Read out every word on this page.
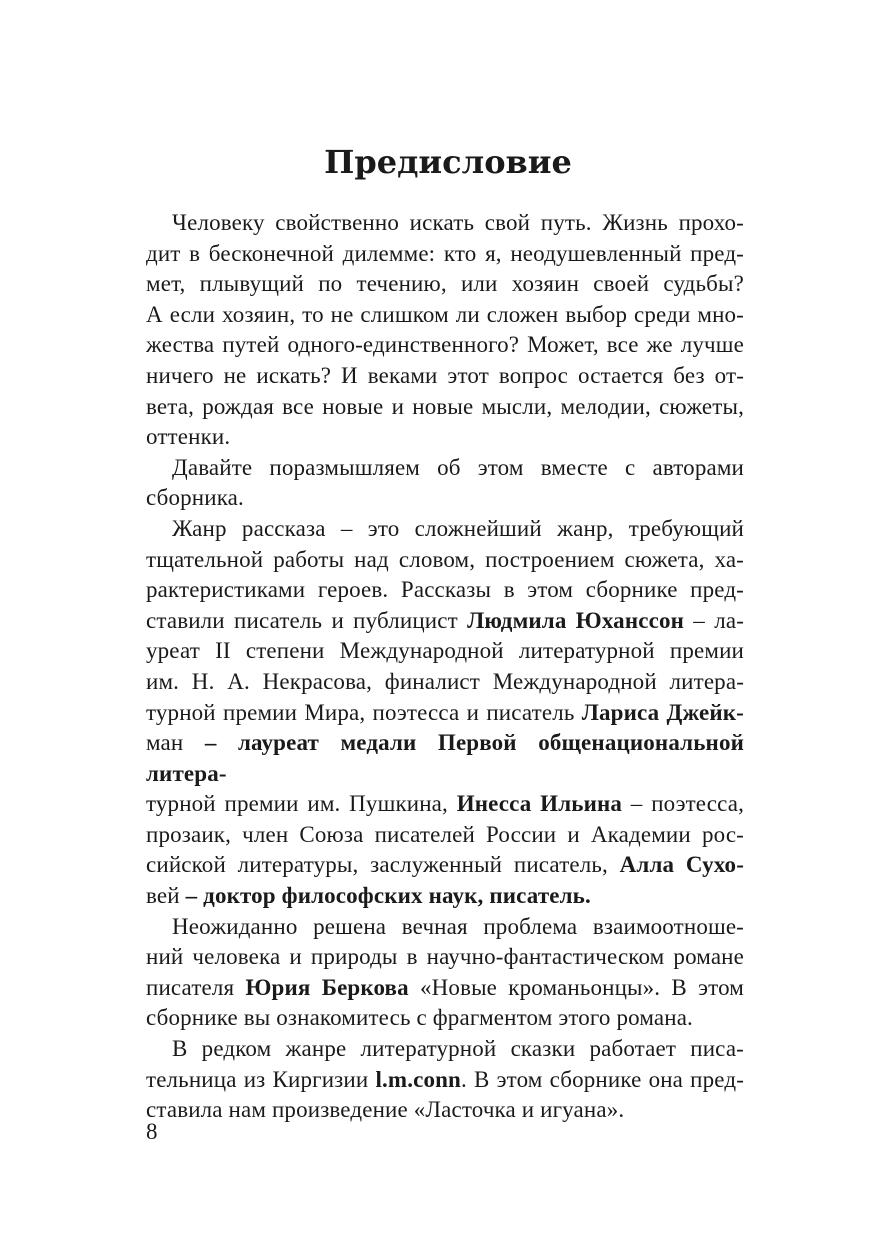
Предисловие

Человеку свойственно искать свой путь. Жизнь прохо-

дит в бесконечной дилемме: кто я, неодушевленный пред-

мет, плывущий по течению, или хозяин своей судьбы?

А если хозяин, то не слишком ли сложен выбор среди мно-

жества путей одного-единственного? Может, все же лучше

ничего не искать? И веками этот вопрос остается без от-

вета, рождая все новые и новые мысли, мелодии, сюжеты,

оттенки.

Давайте поразмышляем об этом вместе с авторами

сборника.

Жанр рассказа – это сложнейший жанр, требующий

тщательной работы над словом, построением сюжета, ха-

рактеристиками героев. Рассказы в этом сборнике пред-

ставили писатель и публицист Людмила Юханссон – ла-

уреат II степени Международной литературной премии

им. Н. А. Некрасова, финалист Международной литера-

турной премии Мира, поэтесса и писатель Лариса Джейк-

ман – лауреат медали Первой общенациональной литера-

турной премии им. Пушкина, Инесса Ильина – поэтесса,

прозаик, член Союза писателей России и Академии рос-

сийской литературы, заслуженный писатель, Алла Сухо-

вей – доктор философских наук, писатель.

Неожиданно решена вечная проблема взаимоотноше-

ний человека и природы в научно-фантастическом романе

писателя Юрия Беркова «Новые кроманьонцы». В этом

сборнике вы ознакомитесь с фрагментом этого романа.

В редком жанре литературной сказки работает писа-

тельница из Киргизии l.m.conn. В этом сборнике она пред-

ставила нам произведение «Ласточка и игуана».

8
